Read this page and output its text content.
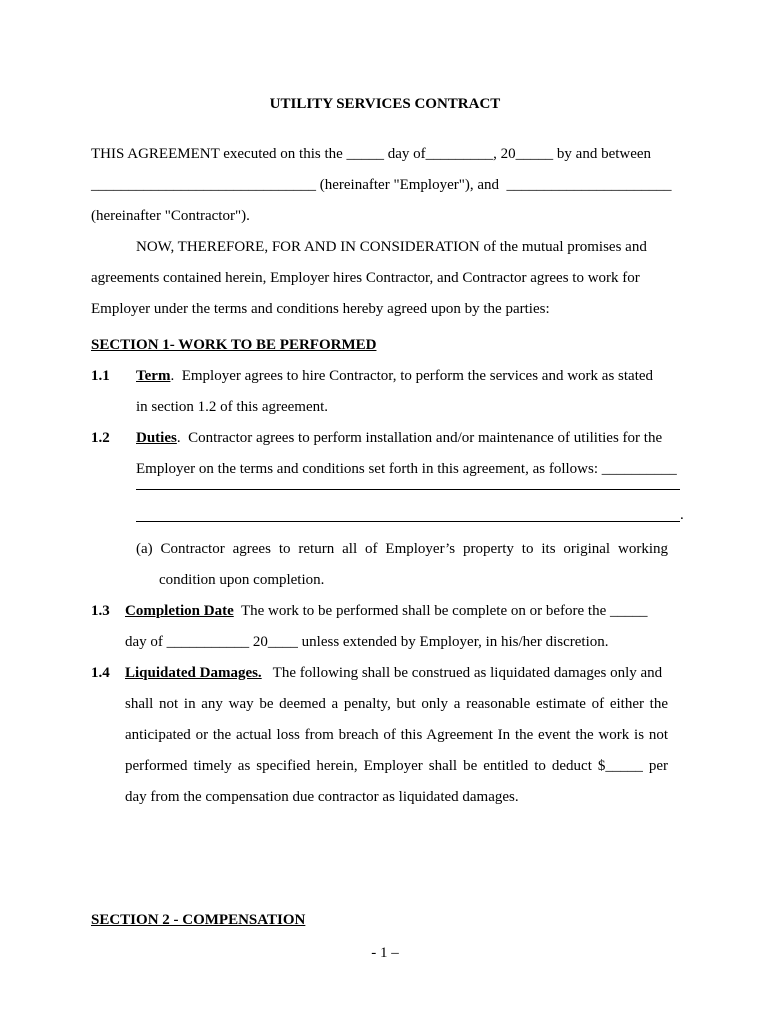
UTILITY SERVICES CONTRACT
THIS AGREEMENT executed on this the _____ day of_________, 20_____ by and between
______________________________ (hereinafter "Employer"), and  ______________________
(hereinafter "Contractor").
NOW, THEREFORE, FOR AND IN CONSIDERATION of the mutual promises and
agreements contained herein, Employer hires Contractor, and Contractor agrees to work for
Employer under the terms and conditions hereby agreed upon by the parties:
SECTION 1- WORK TO BE PERFORMED
1.1 Term.  Employer agrees to hire Contractor, to perform the services and work as stated
in section 1.2 of this agreement.
1.2 Duties.  Contractor agrees to perform installation and/or maintenance of utilities for the
Employer on the terms and conditions set forth in this agreement, as follows: __________
.
(a) Contractor agrees to return all of Employer’s property to its original working
condition upon completion.
1.3 Completion Date  The work to be performed shall be complete on or before the _____
day of ___________ 20____ unless extended by Employer, in his/her discretion.
1.4 Liquidated Damages.   The following shall be construed as liquidated damages only and
shall not in any way be deemed a penalty, but only a reasonable estimate of either the
anticipated or the actual loss from breach of this Agreement In the event the work is not
performed timely as specified herein, Employer shall be entitled to deduct $_____ per
day from the compensation due contractor as liquidated damages.
SECTION 2 - COMPENSATION
- 1 –
